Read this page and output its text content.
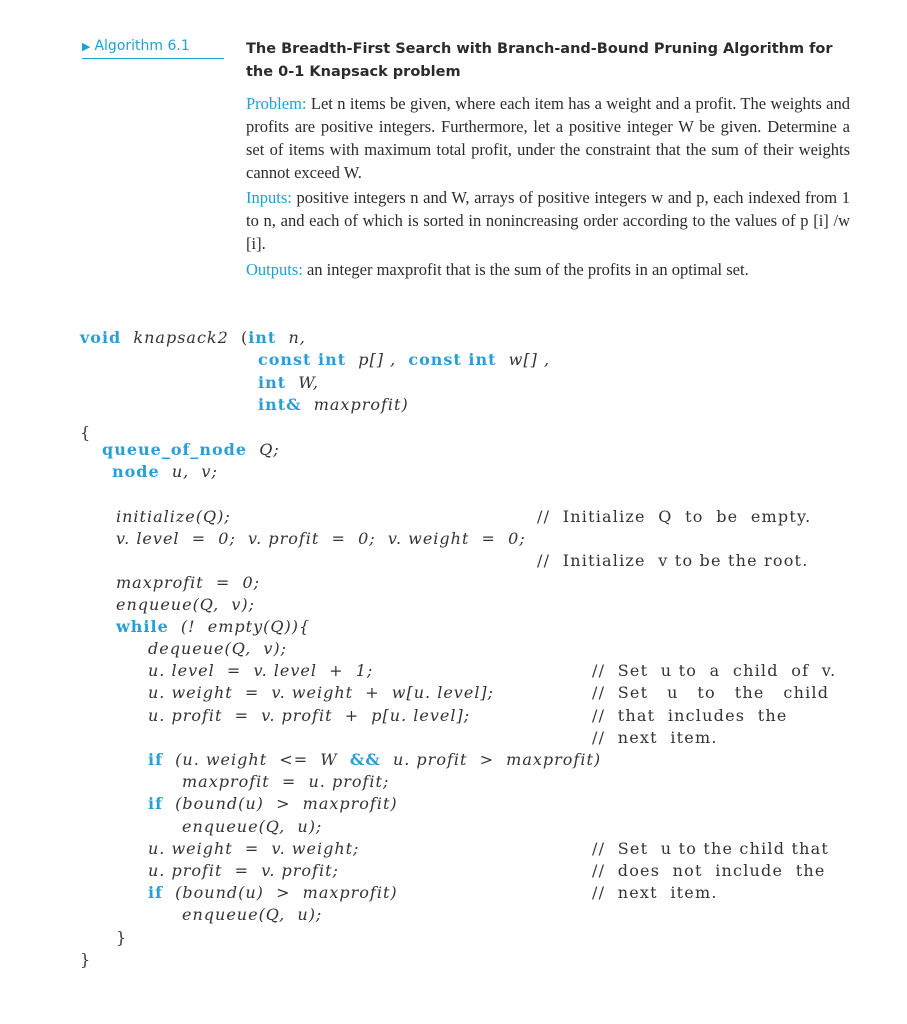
▶ Algorithm 6.1	The Breadth-First Search with Branch-and-Bound Pruning Algorithm for the 0-1 Knapsack problem
Problem: Let n items be given, where each item has a weight and a profit. The weights and profits are positive integers. Furthermore, let a positive integer W be given. Determine a set of items with maximum total profit, under the constraint that the sum of their weights cannot exceed W.
Inputs: positive integers n and W, arrays of positive integers w and p, each indexed from 1 to n, and each of which is sorted in nonincreasing order according to the values of p [i] /w [i].
Outputs: an integer maxprofit that is the sum of the profits in an optimal set.
void knapsack2 (int n,
const int p[] , const int w[] ,
int W,
int& maxprofit)
{
queue_of_node Q;
node u,  v;
initialize(Q);	//  Initialize  Q  to  be  empty.
v. level  =  0;  v. profit  =  0;  v. weight  =  0;
//  Initialize  v to be the root.
maxprofit  =  0;
enqueue(Q,  v);
while (!  empty(Q)){
dequeue(Q,  v);
u. level  =  v. level  +  1;
u. weight  =  v. weight  +  w[u. level];
u. profit  =  v. profit  +  p[u. level];
//  Set  u to  a  child  of  v.
//  Set   u   to   the   child
//  that  includes  the
//  next  item.
if (u. weight  <=  W && u. profit  >  maxprofit)
maxprofit  =  u. profit;
if (bound(u)  >  maxprofit)
enqueue(Q,  u);
u. weight  =  v. weight;
u. profit  =  v. profit;
if (bound(u)  >  maxprofit)
enqueue(Q,  u);
//  Set  u to the child that
//  does  not  include  the
//  next  item.
}
}
